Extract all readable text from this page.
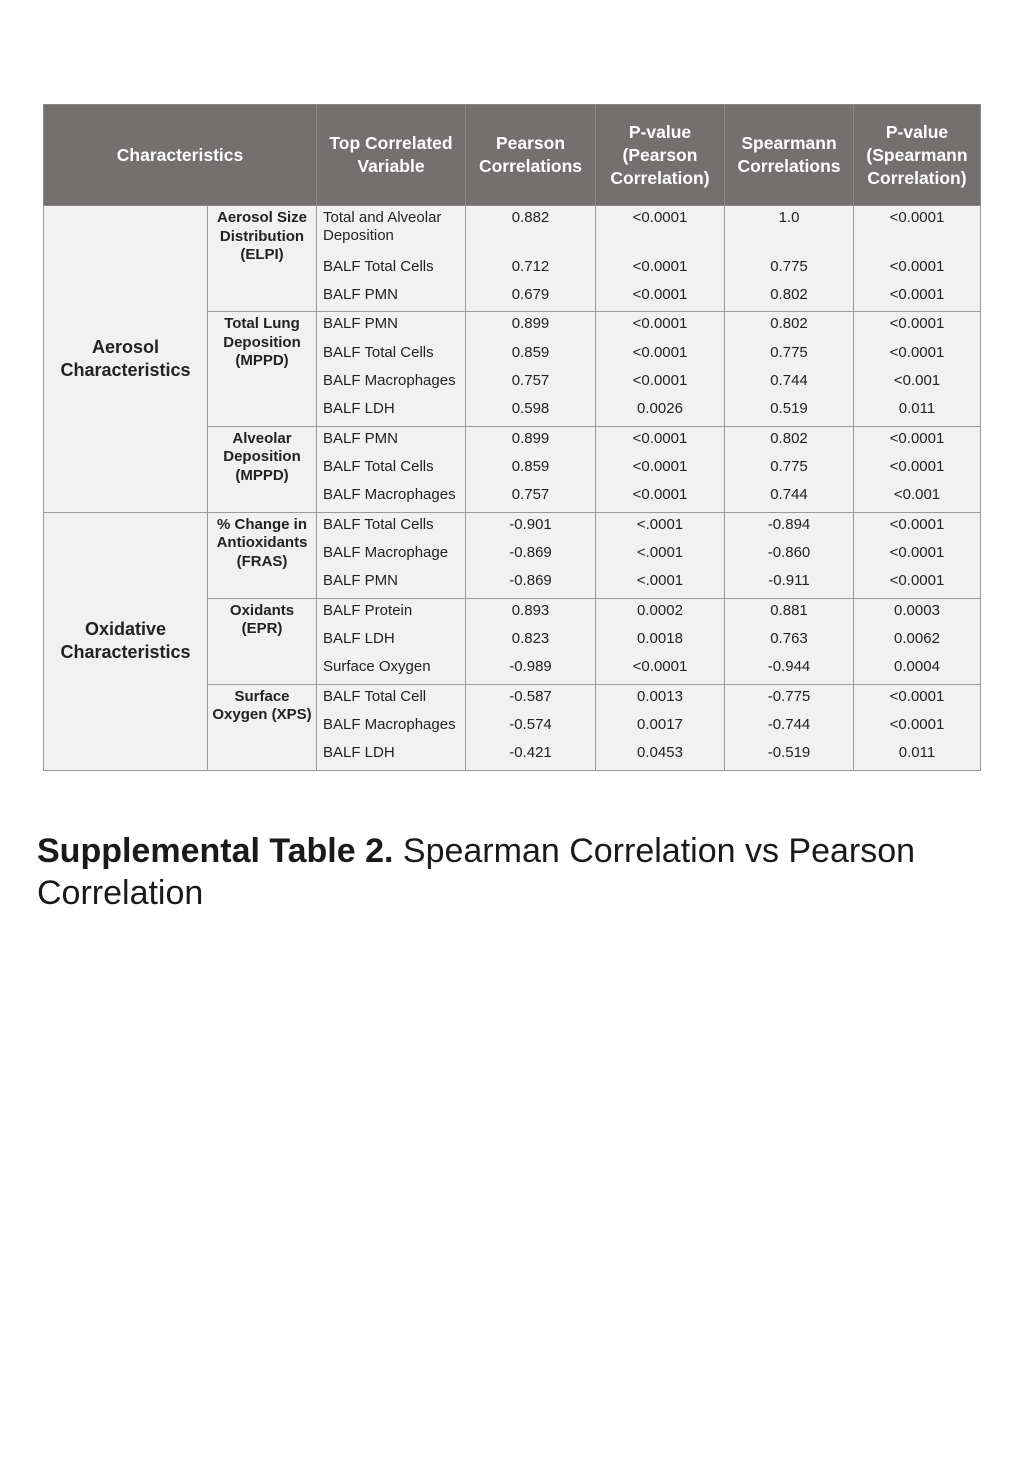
Characteristics		Top Correlated Variable	Pearson Correlations	P-value (Pearson Correlation)	Spearmann Correlations	P-value (Spearmann Correlation)
Aerosol Characteristics	Aerosol Size Distribution (ELPI)	Total and Alveolar Deposition	0.882	<0.0001	1.0	<0.0001
		BALF Total Cells	0.712	<0.0001	0.775	<0.0001
		BALF PMN	0.679	<0.0001	0.802	<0.0001
	Total Lung Deposition (MPPD)	BALF PMN	0.899	<0.0001	0.802	<0.0001
		BALF Total Cells	0.859	<0.0001	0.775	<0.0001
		BALF Macrophages	0.757	<0.0001	0.744	<0.001
		BALF LDH	0.598	0.0026	0.519	0.011
	Alveolar Deposition (MPPD)	BALF PMN	0.899	<0.0001	0.802	<0.0001
		BALF Total Cells	0.859	<0.0001	0.775	<0.0001
		BALF Macrophages	0.757	<0.0001	0.744	<0.001
Oxidative Characteristics	% Change in Antioxidants (FRAS)	BALF Total Cells	-0.901	<.0001	-0.894	<0.0001
		BALF Macrophage	-0.869	<.0001	-0.860	<0.0001
		BALF PMN	-0.869	<.0001	-0.911	<0.0001
	Oxidants (EPR)	BALF Protein	0.893	0.0002	0.881	0.0003
		BALF LDH	0.823	0.0018	0.763	0.0062
		Surface Oxygen	-0.989	<0.0001	-0.944	0.0004
	Surface Oxygen (XPS)	BALF Total Cell	-0.587	0.0013	-0.775	<0.0001
		BALF Macrophages	-0.574	0.0017	-0.744	<0.0001
		BALF LDH	-0.421	0.0453	-0.519	0.011
Supplemental Table 2. Spearman Correlation vs Pearson Correlation
